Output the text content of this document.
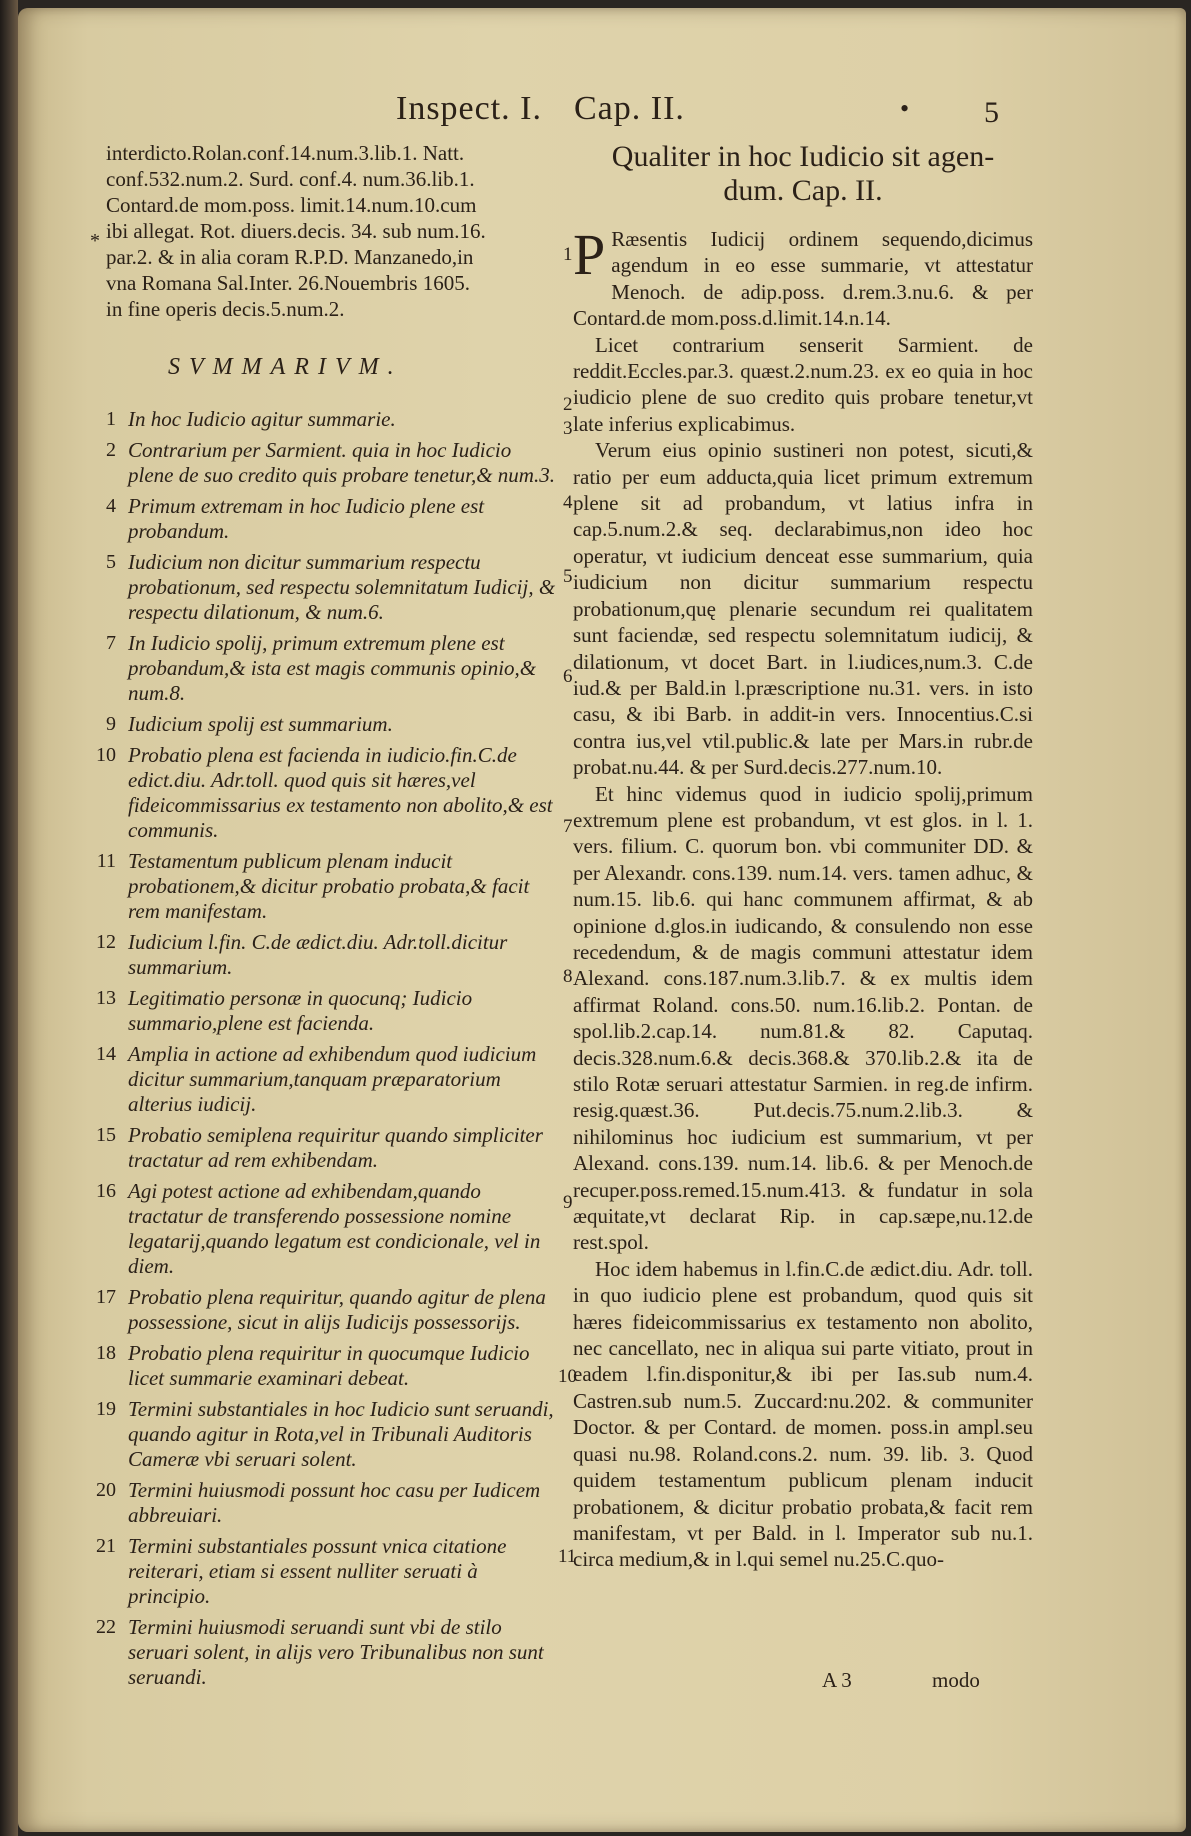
Inspect. I. Cap. II.	• 5
*

interdicto.Rolan.conf.14.num.3.lib.1. Natt.

conf.532.num.2. Surd. conf.4. num.36.lib.1.

Contard.de mom.poss. limit.14.num.10.cum

ibi allegat. Rot. diuers.decis. 34. sub num.16.

par.2. & in alia coram R.P.D. Manzanedo,in

vna Romana Sal.Inter. 26.Nouembris 1605.

in fine operis decis.5.num.2.

SVMMARIVM.
1 In hoc Iudicio agitur summarie.
2 Contrarium per Sarmient. quia in hoc Iudicio plene de suo credito quis probare tenetur,& num.3.
4 Primum extremam in hoc Iudicio plene est probandum.
5 Iudicium non dicitur summarium respectu probationum, sed respectu solemnitatum Iudicij, & respectu dilationum, & num.6.
7 In Iudicio spolij, primum extremum plene est probandum,& ista est magis communis opinio,& num.8.
9 Iudicium spolij est summarium.
10 Probatio plena est facienda in iudicio.fin.C.de edict.diu. Adr.toll. quod quis sit hæres,vel fideicommissarius ex testamento non abolito,& est communis.
11 Testamentum publicum plenam inducit probationem,& dicitur probatio probata,& facit rem manifestam.
12 Iudicium l.fin. C.de ædict.diu. Adr.toll.dicitur summarium.
13 Legitimatio personæ in quocunq; Iudicio summario,plene est facienda.
14 Amplia in actione ad exhibendum quod iudicium dicitur summarium,tanquam præparatorium alterius iudicij.
15 Probatio semiplena requiritur quando simpliciter tractatur ad rem exhibendam.
16 Agi potest actione ad exhibendam,quando tractatur de transferendo possessione nomine legatarij,quando legatum est condicionale, vel in diem.
17 Probatio plena requiritur, quando agitur de plena possessione, sicut in alijs Iudicijs possessorijs.
18 Probatio plena requiritur in quocumque Iudicio licet summarie examinari debeat.
19 Termini substantiales in hoc Iudicio sunt seruandi, quando agitur in Rota,vel in Tribunali Auditoris Cameræ vbi seruari solent.
20 Termini huiusmodi possunt hoc casu per Iudicem abbreuiari.
21 Termini substantiales possunt vnica citatione reiterari, etiam si essent nulliter seruati à principio.
22 Termini huiusmodi seruandi sunt vbi de stilo seruari solent, in alijs vero Tribunalibus non sunt seruandi.
Qualiter in hoc Iudicio sit agen-
dum. Cap. II.

P Ræsentis Iudicij ordinem sequendo,dicimus agendum in eo esse summarie, vt attestatur Menoch. de adip.poss. d.rem.3.nu.6. & per Contard.de mom.poss.d.limit.14.n.14.

Licet contrarium senserit Sarmient. de reddit.Eccles.par.3. quæst.2.num.23. ex eo quia in hoc iudicio plene de suo credito quis probare tenetur,vt late inferius explicabimus.

Verum eius opinio sustineri non potest, sicuti,& ratio per eum adducta,quia licet primum extremum plene sit ad probandum, vt latius infra in cap.5.num.2.& seq. declarabimus,non ideo hoc operatur, vt iudicium denceat esse summarium, quia iudicium non dicitur summarium respectu probationum,quę plenarie secundum rei qualitatem sunt faciendæ, sed respectu solemnitatum iudicij, & dilationum, vt docet Bart. in l.iudices,num.3. C.de iud.& per Bald.in l.præscriptione nu.31. vers. in isto casu, & ibi Barb. in addit-in vers. Innocentius.C.si contra ius,vel vtil.public.& late per Mars.in rubr.de probat.nu.44. & per Surd.decis.277.num.10.

Et hinc videmus quod in iudicio spolij,primum extremum plene est probandum, vt est glos. in l. 1. vers. filium. C. quorum bon. vbi communiter DD. & per Alexandr. cons.139. num.14. vers. tamen adhuc, & num.15. lib.6. qui hanc communem affirmat, & ab opinione d.glos.in iudicando, & consulendo non esse recedendum, & de magis communi attestatur idem Alexand. cons.187.num.3.lib.7. & ex multis idem affirmat Roland. cons.50. num.16.lib.2. Pontan. de spol.lib.2.cap.14. num.81.& 82. Caputaq. decis.328.num.6.& decis.368.& 370.lib.2.& ita de stilo Rotæ seruari attestatur Sarmien. in reg.de infirm. resig.quæst.36. Put.decis.75.num.2.lib.3. & nihilominus hoc iudicium est summarium, vt per Alexand. cons.139. num.14. lib.6. & per Menoch.de recuper.poss.remed.15.num.413. & fundatur in sola æquitate,vt declarat Rip. in cap.sæpe,nu.12.de rest.spol.

Hoc idem habemus in l.fin.C.de ædict.diu. Adr. toll. in quo iudicio plene est probandum, quod quis sit hæres fideicommissarius ex testamento non abolito, nec cancellato, nec in aliqua sui parte vitiato, prout in eadem l.fin.disponitur,& ibi per Ias.sub num.4. Castren.sub num.5. Zuccard:nu.202. & communiter Doctor. & per Contard. de momen. poss.in ampl.seu quasi nu.98. Roland.cons.2. num. 39. lib. 3. Quod quidem testamentum publicum plenam inducit probationem, & dicitur probatio probata,& facit rem manifestam, vt per Bald. in l. Imperator sub nu.1. circa medium,& in l.qui semel nu.25.C.quo-

1
2
3
4
5
6
7
8
9
10
11
A 3	modo
